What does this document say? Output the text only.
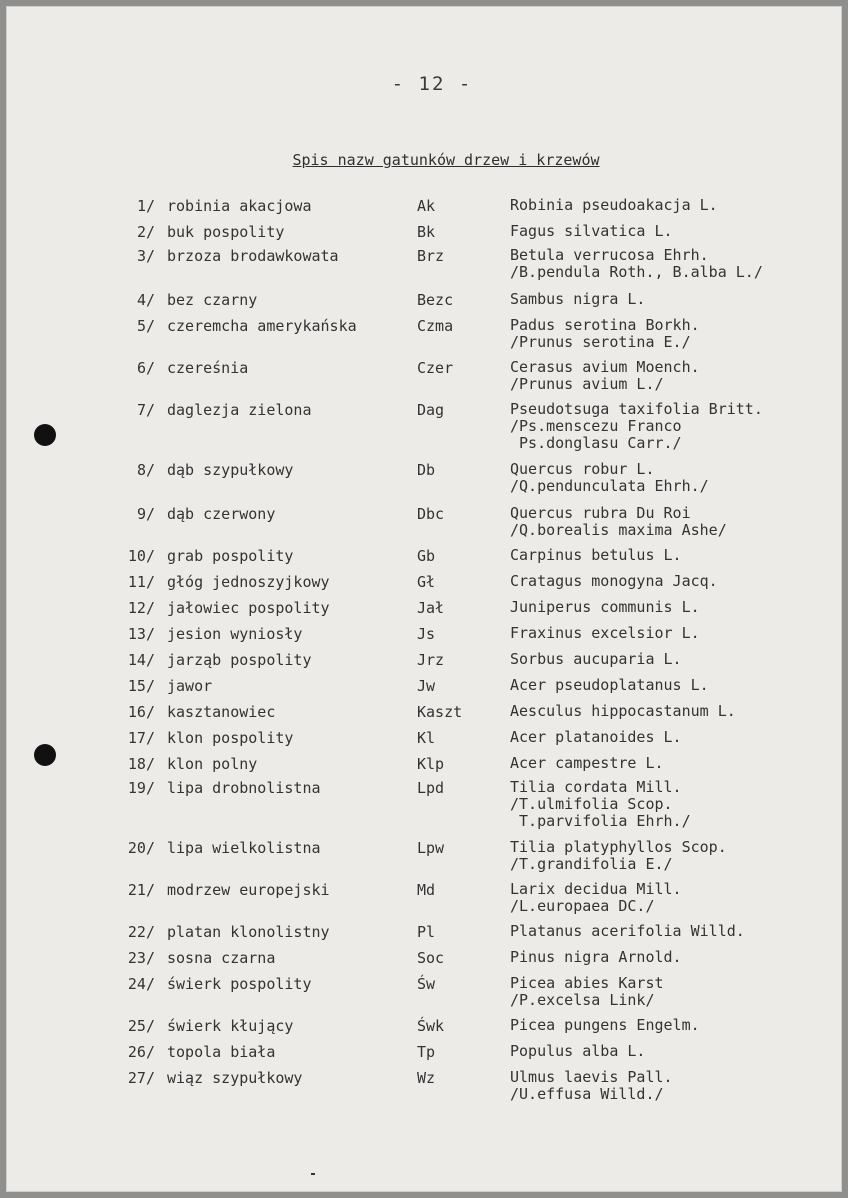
- 12 -
Spis nazw gatunków drzew i krzewów
1/ robinia akacjowa	Ak	Robinia pseudoakacja L.
2/ buk pospolity	Bk	Fagus silvatica L.
3/ brzoza brodawkowata	Brz	Betula verrucosa Ehrh.
/B.pendula Roth., B.alba L./
4/ bez czarny	Bezc	Sambus nigra L.
5/ czeremcha amerykańska	Czma	Padus serotina Borkh.
/Prunus serotina E./
6/ czereśnia	Czer	Cerasus avium Moench.
/Prunus avium L./
7/ daglezja zielona	Dag	Pseudotsuga taxifolia Britt.
/Ps.menscezu Franco
Ps.donglasu Carr./
8/ dąb szypułkowy	Db	Quercus robur L.
/Q.pendunculata Ehrh./
9/ dąb czerwony	Dbc	Quercus rubra Du Roi
/Q.borealis maxima Ashe/
10/ grab pospolity	Gb	Carpinus betulus L.
11/ głóg jednoszyjkowy	Gł	Cratagus monogyna Jacq.
12/ jałowiec pospolity	Jał	Juniperus communis L.
13/ jesion wyniosły	Js	Fraxinus excelsior L.
14/ jarząb pospolity	Jrz	Sorbus aucuparia L.
15/ jawor	Jw	Acer pseudoplatanus L.
16/ kasztanowiec	Kaszt	Aesculus hippocastanum L.
17/ klon pospolity	Kl	Acer platanoides L.
18/ klon polny	Klp	Acer campestre L.
19/ lipa drobnolistna	Lpd	Tilia cordata Mill.
/T.ulmifolia Scop.
T.parvifolia Ehrh./
20/ lipa wielkolistna	Lpw	Tilia platyphyllos Scop.
/T.grandifolia E./
21/ modrzew europejski	Md	Larix decidua Mill.
/L.europaea DC./
22/ platan klonolistny	Pl	Platanus acerifolia Willd.
23/ sosna czarna	Soc	Pinus nigra Arnold.
24/ świerk pospolity	Św	Picea abies Karst
/P.excelsa Link/
25/ świerk kłujący	Śwk	Picea pungens Engelm.
26/ topola biała	Tp	Populus alba L.
27/ wiąz szypułkowy	Wz	Ulmus laevis Pall.
/U.effusa Willd./
